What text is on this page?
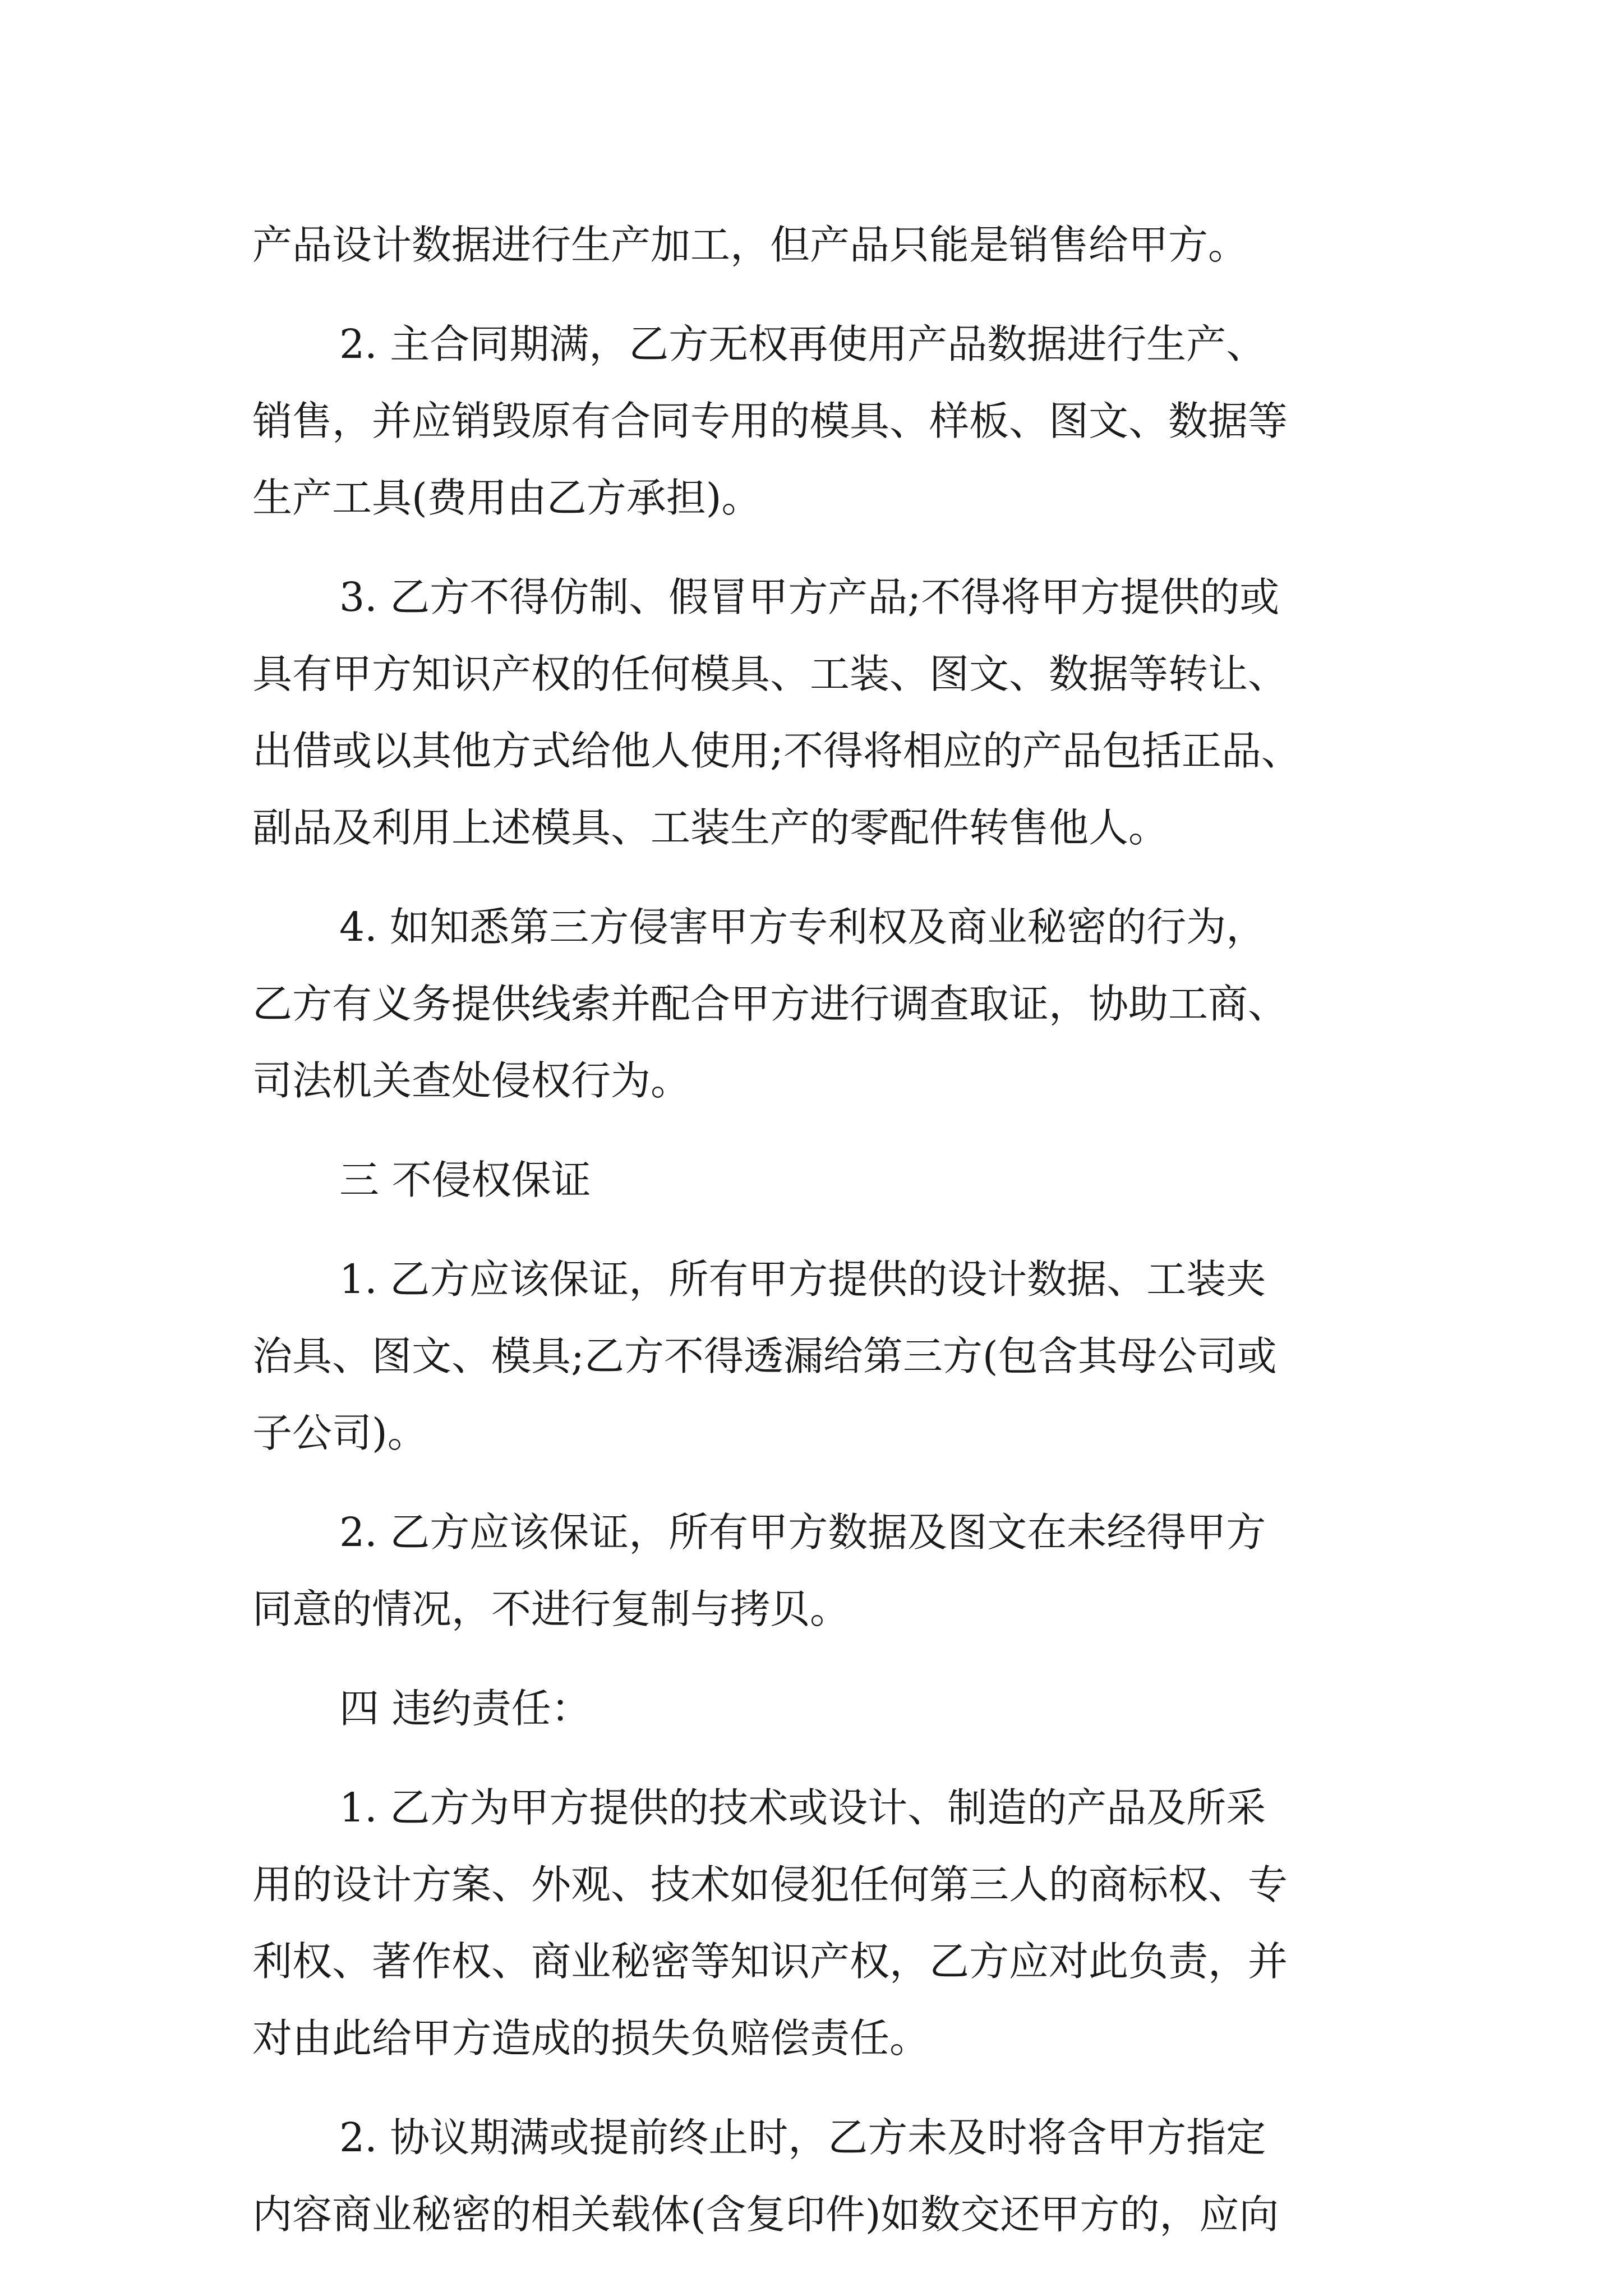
产品设计数据进行生产加工，但产品只能是销售给甲方。
2. 主合同期满，乙方无权再使用产品数据进行生产、
销售，并应销毁原有合同专用的模具、样板、图文、数据等
生产工具(费用由乙方承担)。
3. 乙方不得仿制、假冒甲方产品;不得将甲方提供的或
具有甲方知识产权的任何模具、工装、图文、数据等转让、
出借或以其他方式给他人使用;不得将相应的产品包括正品、
副品及利用上述模具、工装生产的零配件转售他人。
4. 如知悉第三方侵害甲方专利权及商业秘密的行为，
乙方有义务提供线索并配合甲方进行调查取证，协助工商、
司法机关查处侵权行为。
三 不侵权保证
1. 乙方应该保证，所有甲方提供的设计数据、工装夹
治具、图文、模具;乙方不得透漏给第三方(包含其母公司或
子公司)。
2. 乙方应该保证，所有甲方数据及图文在未经得甲方
同意的情况，不进行复制与拷贝。
四 违约责任：
1. 乙方为甲方提供的技术或设计、制造的产品及所采
用的设计方案、外观、技术如侵犯任何第三人的商标权、专
利权、著作权、商业秘密等知识产权，乙方应对此负责，并
对由此给甲方造成的损失负赔偿责任。
2. 协议期满或提前终止时，乙方未及时将含甲方指定
内容商业秘密的相关载体(含复印件)如数交还甲方的，应向
